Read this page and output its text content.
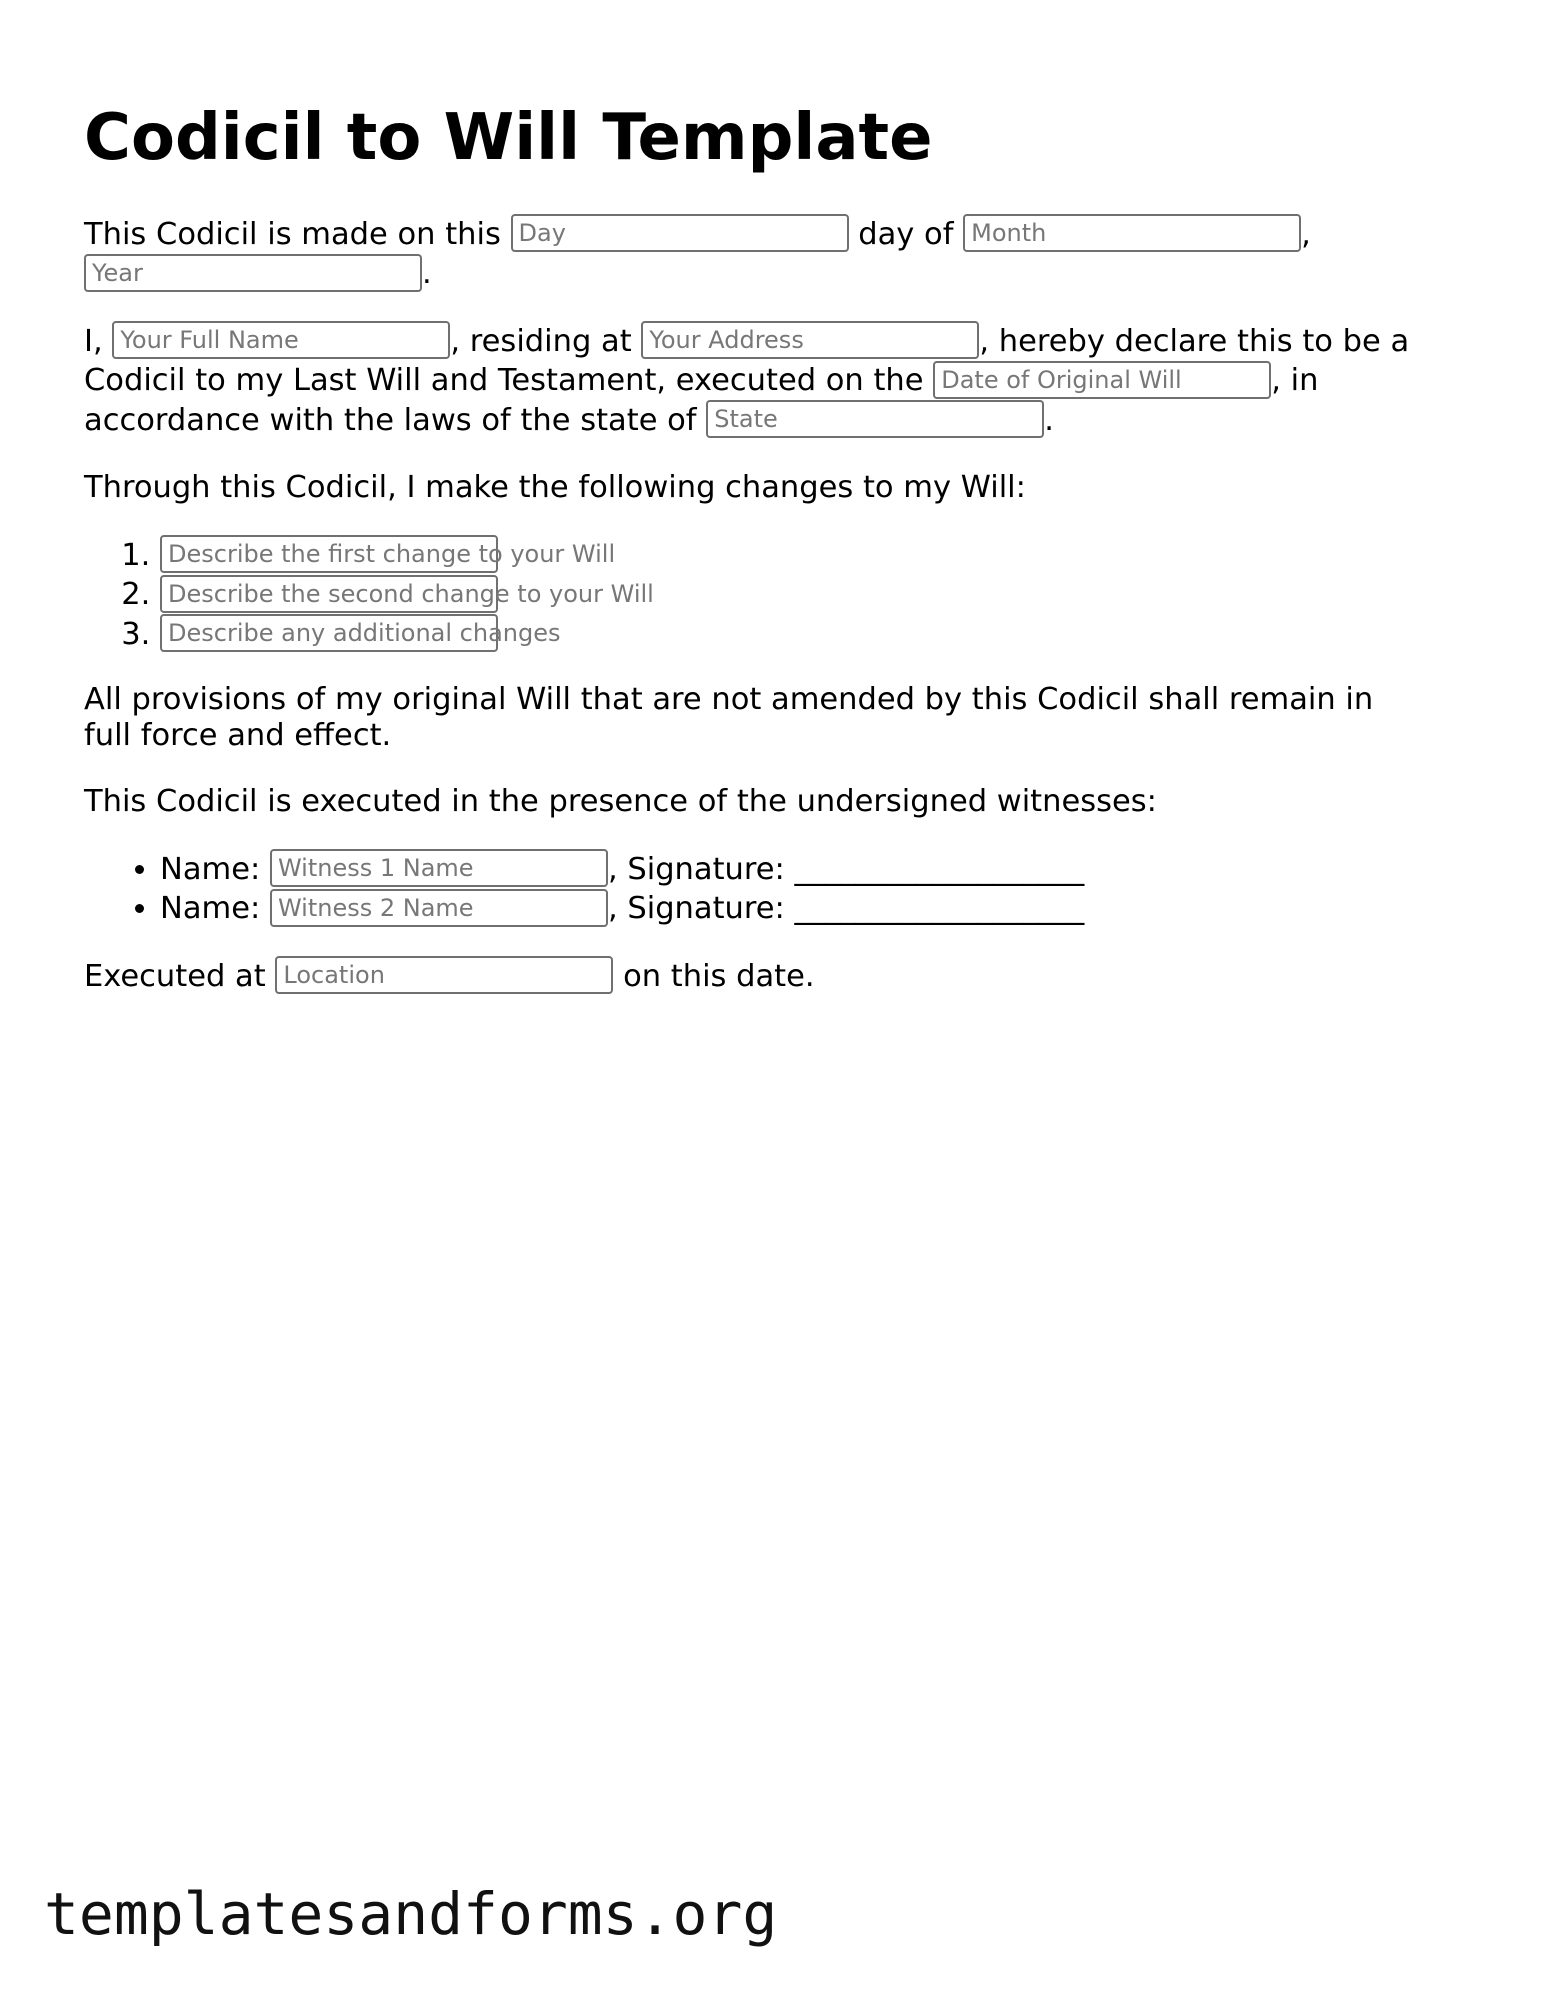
Codicil to Will Template

This Codicil is made on this Day	day of Month	,
Year	.

I, Your Full Name	, residing at Your Address	, hereby declare this to be a Codicil to my Last Will and Testament, executed on the Date of Original Will	, in accordance with the laws of the state of State	.

Through this Codicil, I make the following changes to my Will:

1. Describe the first change to your Will
2. Describe the second change to your Will
3. Describe any additional changes

All provisions of my original Will that are not amended by this Codicil shall remain in full force and effect.

This Codicil is executed in the presence of the undersigned witnesses:

• Name: Witness 1 Name	, Signature: ___________________
• Name: Witness 2 Name	, Signature: ___________________

Executed at Location	on this date.

templatesandforms.org
